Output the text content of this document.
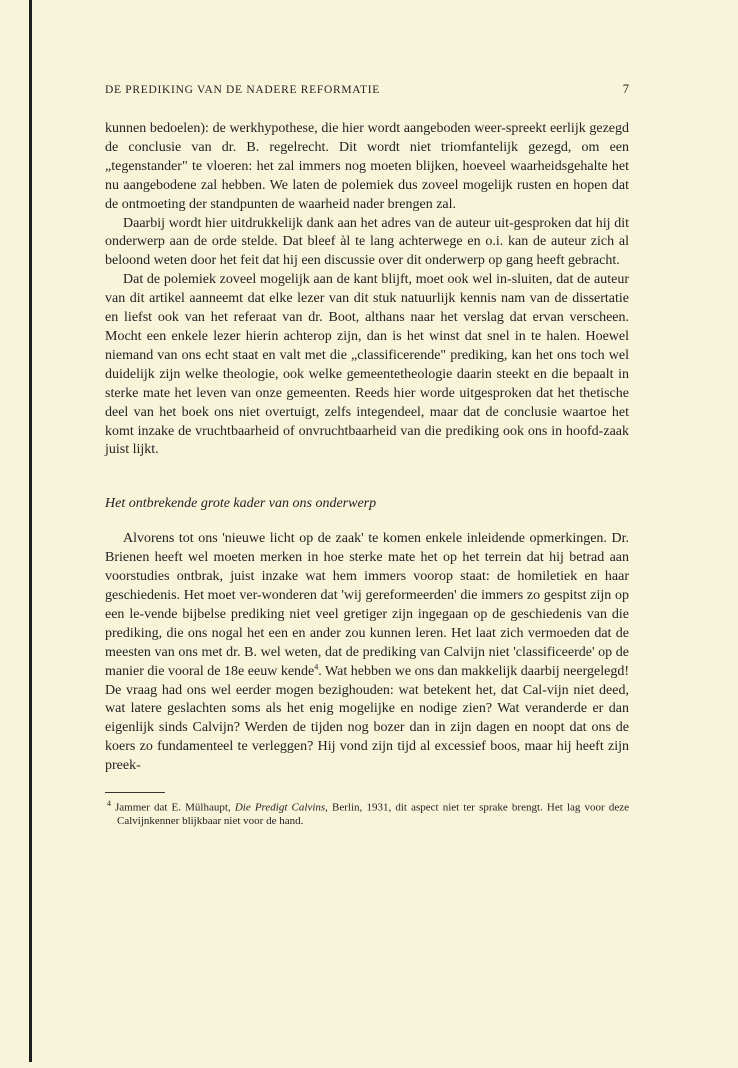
DE PREDIKING VAN DE NADERE REFORMATIE	7

kunnen bedoelen): de werkhypothese, die hier wordt aangeboden weer-spreekt eerlijk gezegd de conclusie van dr. B. regelrecht. Dit wordt niet triomfantelijk gezegd, om een „tegenstander" te vloeren: het zal immers nog moeten blijken, hoeveel waarheidsgehalte het nu aangebodene zal hebben. We laten de polemiek dus zoveel mogelijk rusten en hopen dat de ontmoeting der standpunten de waarheid nader brengen zal.

Daarbij wordt hier uitdrukkelijk dank aan het adres van de auteur uit-gesproken dat hij dit onderwerp aan de orde stelde. Dat bleef àl te lang achterwege en o.i. kan de auteur zich al beloond weten door het feit dat hij een discussie over dit onderwerp op gang heeft gebracht.

Dat de polemiek zoveel mogelijk aan de kant blijft, moet ook wel in-sluiten, dat de auteur van dit artikel aanneemt dat elke lezer van dit stuk natuurlijk kennis nam van de dissertatie en liefst ook van het referaat van dr. Boot, althans naar het verslag dat ervan verscheen. Mocht een enkele lezer hierin achterop zijn, dan is het winst dat snel in te halen. Hoewel niemand van ons echt staat en valt met die „classificerende" prediking, kan het ons toch wel duidelijk zijn welke theologie, ook welke gemeentetheologie daarin steekt en die bepaalt in sterke mate het leven van onze gemeenten. Reeds hier worde uitgesproken dat het thetische deel van het boek ons niet overtuigt, zelfs integendeel, maar dat de conclusie waartoe het komt inzake de vruchtbaarheid of onvruchtbaarheid van die prediking ook ons in hoofd-zaak juist lijkt.

Het ontbrekende grote kader van ons onderwerp

Alvorens tot ons 'nieuwe licht op de zaak' te komen enkele inleidende opmerkingen. Dr. Brienen heeft wel moeten merken in hoe sterke mate het op het terrein dat hij betrad aan voorstudies ontbrak, juist inzake wat hem immers voorop staat: de homiletiek en haar geschiedenis. Het moet ver-wonderen dat 'wij gereformeerden' die immers zo gespitst zijn op een le-vende bijbelse prediking niet veel gretiger zijn ingegaan op de geschiedenis van die prediking, die ons nogal het een en ander zou kunnen leren. Het laat zich vermoeden dat de meesten van ons met dr. B. wel weten, dat de prediking van Calvijn niet 'classificeerde' op de manier die vooral de 18e eeuw kende$^4$. Wat hebben we ons dan makkelijk daarbij neergelegd! De vraag had ons wel eerder mogen bezighouden: wat betekent het, dat Cal-vijn niet deed, wat latere geslachten soms als het enig mogelijke en nodige zien? Wat veranderde er dan eigenlijk sinds Calvijn? Werden de tijden nog bozer dan in zijn dagen en noopt dat ons de koers zo fundamenteel te verleggen? Hij vond zijn tijd al excessief boos, maar hij heeft zijn preek-

$^4$ Jammer dat E. Mülhaupt, Die Predigt Calvins, Berlin, 1931, dit aspect niet ter sprake brengt. Het lag voor deze Calvijnkenner blijkbaar niet voor de hand.
